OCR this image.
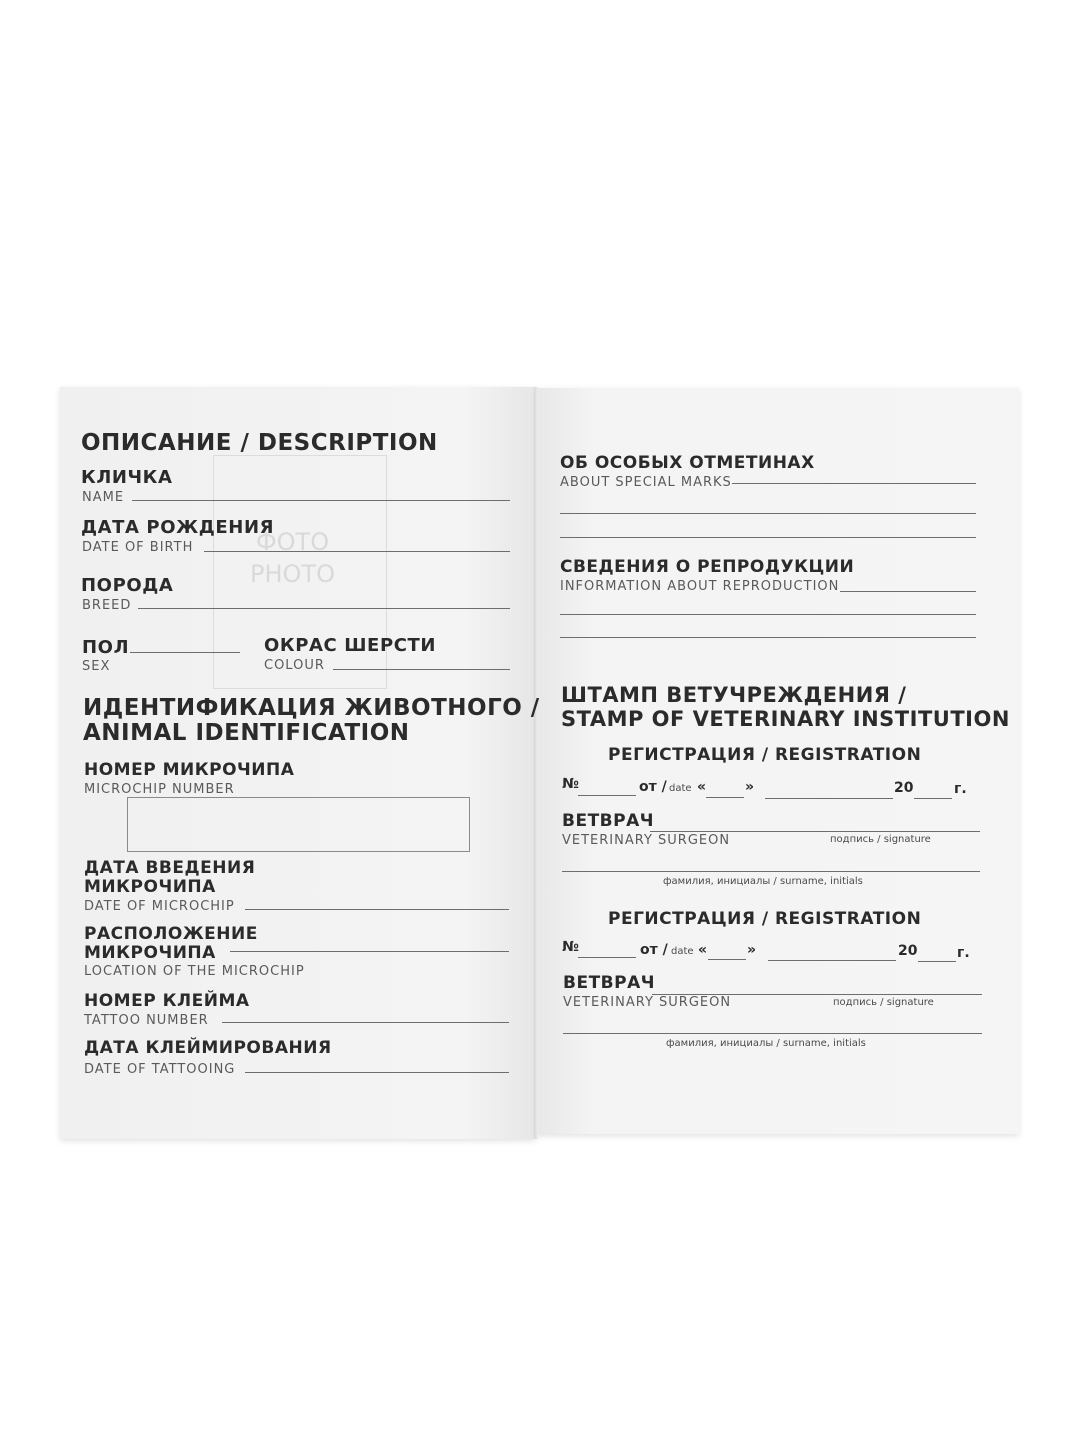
ФОТО
PHOTO
ОПИСАНИЕ / DESCRIPTION
КЛИЧКА
NAME
ДАТА РОЖДЕНИЯ
DATE OF BIRTH
ПОРОДА
BREED
ПОЛ
SEX
ОКРАС ШЕРСТИ
COLOUR
ИДЕНТИФИКАЦИЯ ЖИВОТНОГО /
ANIMAL IDENTIFICATION
НОМЕР МИКРОЧИПА
MICROCHIP NUMBER
ДАТА ВВЕДЕНИЯ
МИКРОЧИПА
DATE OF MICROCHIP
РАСПОЛОЖЕНИЕ
МИКРОЧИПА
LOCATION OF THE MICROCHIP
НОМЕР КЛЕЙМА
TATTOO NUMBER
ДАТА КЛЕЙМИРОВАНИЯ
DATE OF TATTOOING
ОБ ОСОБЫХ ОТМЕТИНАХ
ABOUT SPECIAL MARKS
СВЕДЕНИЯ О РЕПРОДУКЦИИ
INFORMATION ABOUT REPRODUCTION
ШТАМП ВЕТУЧРЕЖДЕНИЯ /
STAMP OF VETERINARY INSTITUTION
РЕГИСТРАЦИЯ / REGISTRATION
№	от / date «	»	20	г.
ВЕТВРАЧ
VETERINARY SURGEON	подпись / signature
фамилия, инициалы / surname, initials
РЕГИСТРАЦИЯ / REGISTRATION
№	от / date «	»	20	г.
ВЕТВРАЧ
VETERINARY SURGEON	подпись / signature
фамилия, инициалы / surname, initials
